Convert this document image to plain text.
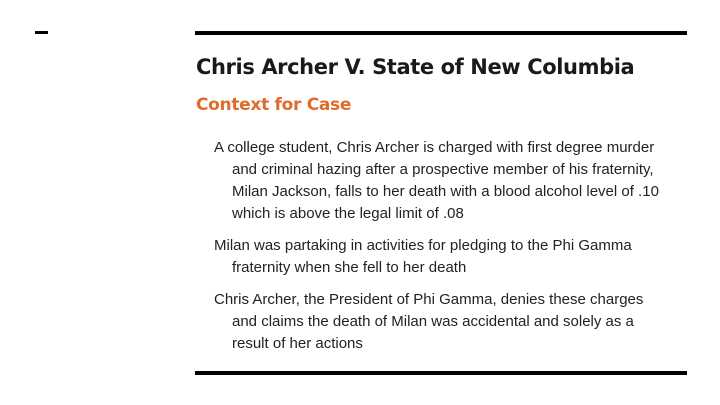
Chris Archer V. State of New Columbia
Context for Case
A college student, Chris Archer is charged with first degree murder and criminal hazing after a prospective member of his fraternity, Milan Jackson, falls to her death with a blood alcohol level of .10 which is above the legal limit of .08
Milan was partaking in activities for pledging to the Phi Gamma fraternity when she fell to her death
Chris Archer, the President of Phi Gamma, denies these charges and claims the death of Milan was accidental and solely as a result of her actions
